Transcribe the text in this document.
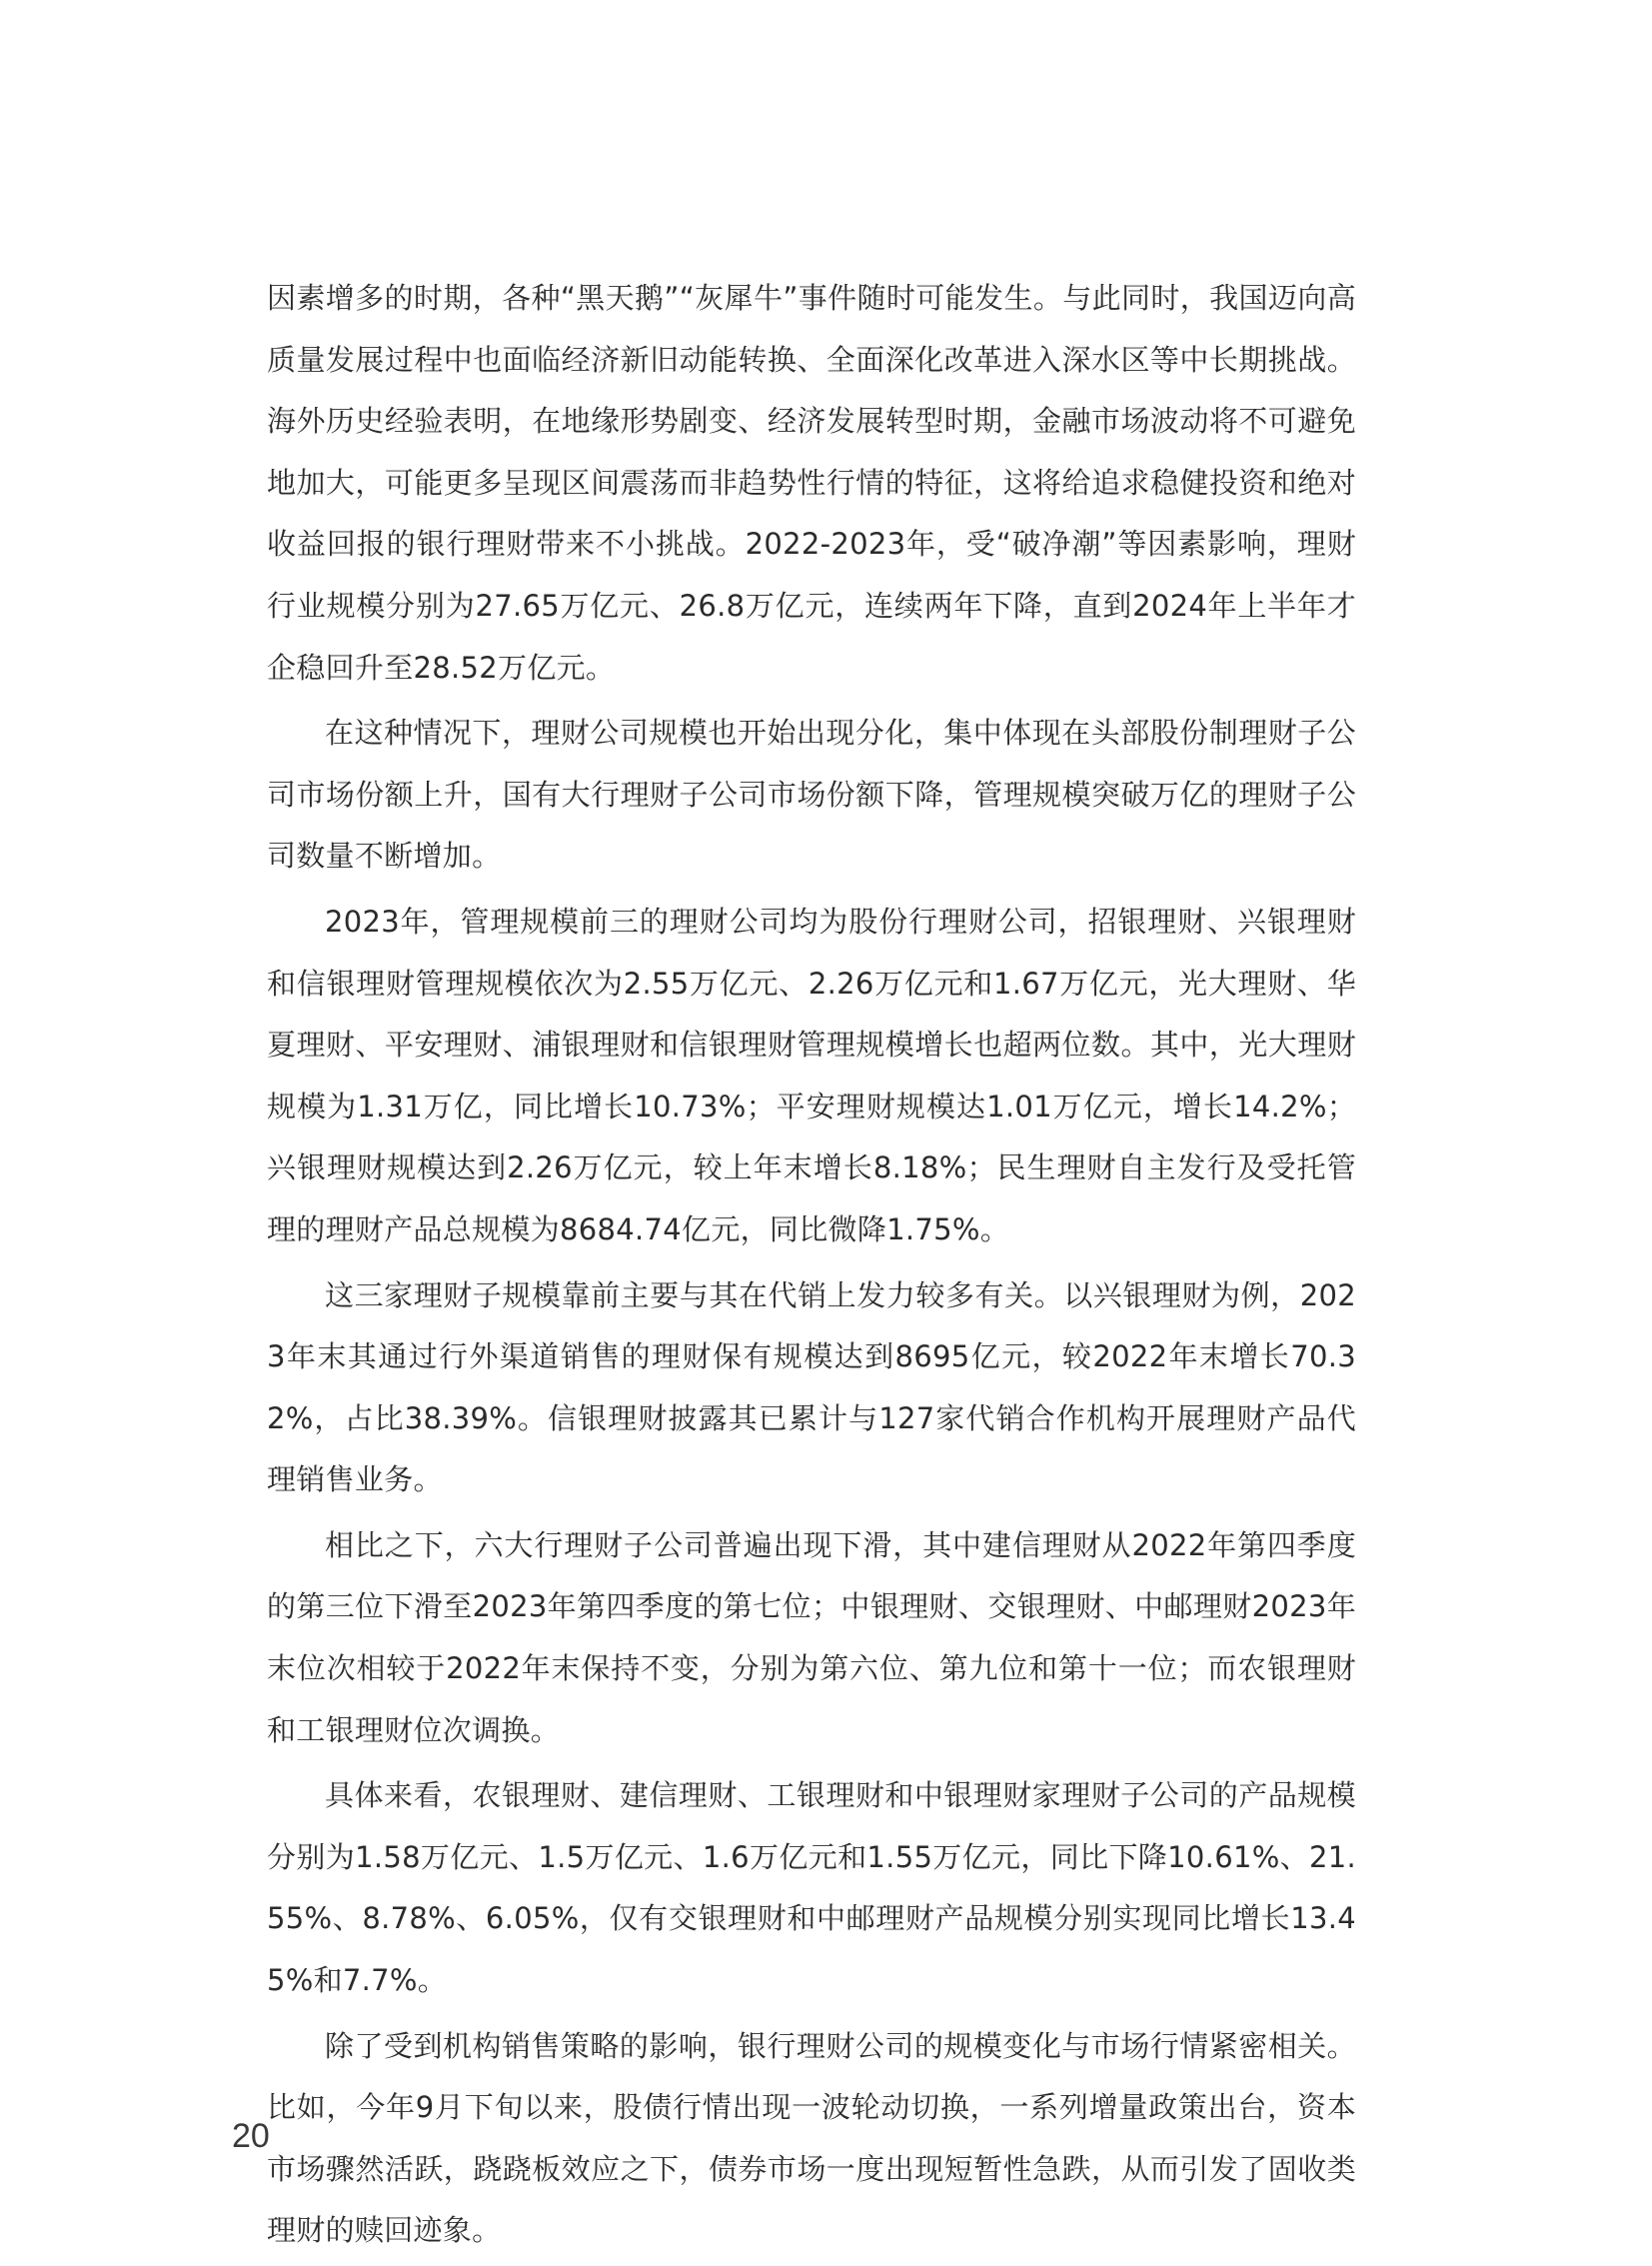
因素增多的时期，各种“黑天鹅”“灰犀牛”事件随时可能发生。与此同时，我国迈向高质量发展过程中也面临经济新旧动能转换、全面深化改革进入深水区等中长期挑战。海外历史经验表明，在地缘形势剧变、经济发展转型时期，金融市场波动将不可避免地加大，可能更多呈现区间震荡而非趋势性行情的特征，这将给追求稳健投资和绝对收益回报的银行理财带来不小挑战。2022-2023年，受“破净潮”等因素影响，理财行业规模分别为27.65万亿元、26.8万亿元，连续两年下降，直到2024年上半年才企稳回升至28.52万亿元。

在这种情况下，理财公司规模也开始出现分化，集中体现在头部股份制理财子公司市场份额上升，国有大行理财子公司市场份额下降，管理规模突破万亿的理财子公司数量不断增加。

2023年，管理规模前三的理财公司均为股份行理财公司，招银理财、兴银理财和信银理财管理规模依次为2.55万亿元、2.26万亿元和1.67万亿元，光大理财、华夏理财、平安理财、浦银理财和信银理财管理规模增长也超两位数。其中，光大理财规模为1.31万亿，同比增长10.73%；平安理财规模达1.01万亿元，增长14.2%；兴银理财规模达到2.26万亿元，较上年末增长8.18%；民生理财自主发行及受托管理的理财产品总规模为8684.74亿元，同比微降1.75%。

这三家理财子规模靠前主要与其在代销上发力较多有关。以兴银理财为例，2023年末其通过行外渠道销售的理财保有规模达到8695亿元，较2022年末增长70.32%，占比38.39%。信银理财披露其已累计与127家代销合作机构开展理财产品代理销售业务。

相比之下，六大行理财子公司普遍出现下滑，其中建信理财从2022年第四季度的第三位下滑至2023年第四季度的第七位；中银理财、交银理财、中邮理财2023年末位次相较于2022年末保持不变，分别为第六位、第九位和第十一位；而农银理财和工银理财位次调换。

具体来看，农银理财、建信理财、工银理财和中银理财家理财子公司的产品规模分别为1.58万亿元、1.5万亿元、1.6万亿元和1.55万亿元，同比下降10.61%、21.55%、8.78%、6.05%，仅有交银理财和中邮理财产品规模分别实现同比增长13.45%和7.7%。

除了受到机构销售策略的影响，银行理财公司的规模变化与市场行情紧密相关。比如，今年9月下旬以来，股债行情出现一波轮动切换，一系列增量政策出台，资本市场骤然活跃，跷跷板效应之下，债券市场一度出现短暂性急跌，从而引发了固收类理财的赎回迹象。

20
